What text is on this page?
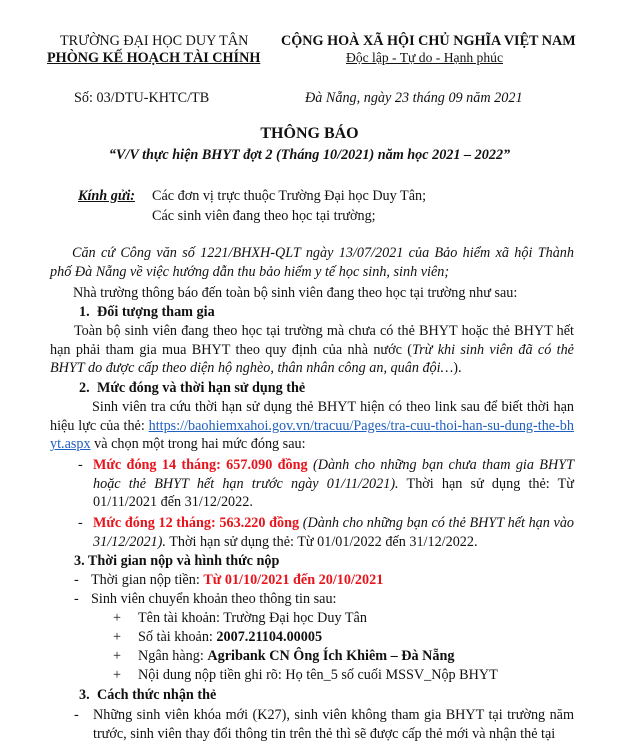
TRƯỜNG ĐẠI HỌC DUY TÂN
PHÒNG KẾ HOẠCH TÀI CHÍNH
CỘNG HOÀ XÃ HỘI CHỦ NGHĨA VIỆT NAM
Độc lập - Tự do - Hạnh phúc
Số: 03/DTU-KHTC/TB	Đà Nẵng, ngày 23 tháng 09 năm 2021
THÔNG BÁO
“V/V thực hiện BHYT đợt 2 (Tháng 10/2021) năm học 2021 – 2022”
Kính gửi: Các đơn vị trực thuộc Trường Đại học Duy Tân;
Các sinh viên đang theo học tại trường;
Căn cứ Công văn số 1221/BHXH-QLT ngày 13/07/2021 của Bảo hiểm xã hội Thành phố Đà Nẵng về việc hướng dẫn thu bảo hiểm y tế học sinh, sinh viên;
Nhà trường thông báo đến toàn bộ sinh viên đang theo học tại trường như sau:
1. Đối tượng tham gia
Toàn bộ sinh viên đang theo học tại trường mà chưa có thẻ BHYT hoặc thẻ BHYT hết hạn phải tham gia mua BHYT theo quy định của nhà nước (Trừ khi sinh viên đã có thẻ BHYT do được cấp theo diện hộ nghèo, thân nhân công an, quân đội…).
2. Mức đóng và thời hạn sử dụng thẻ
Sinh viên tra cứu thời hạn sử dụng thẻ BHYT hiện có theo link sau để biết thời hạn hiệu lực của thẻ: https://baohiemxahoi.gov.vn/tracuu/Pages/tra-cuu-thoi-han-su-dung-the-bhyt.aspx và chọn một trong hai mức đóng sau:
- Mức đóng 14 tháng: 657.090 đồng (Dành cho những bạn chưa tham gia BHYT hoặc thẻ BHYT hết hạn trước ngày 01/11/2021). Thời hạn sử dụng thẻ: Từ 01/11/2021 đến 31/12/2022.
- Mức đóng 12 tháng: 563.220 đồng (Dành cho những bạn có thẻ BHYT hết hạn vào 31/12/2021). Thời hạn sử dụng thẻ: Từ 01/01/2022 đến 31/12/2022.
3. Thời gian nộp và hình thức nộp
- Thời gian nộp tiền: Từ 01/10/2021 đến 20/10/2021
- Sinh viên chuyển khoản theo thông tin sau:
+ Tên tài khoản: Trường Đại học Duy Tân
+ Số tài khoản: 2007.21104.00005
+ Ngân hàng: Agribank CN Ông Ích Khiêm – Đà Nẵng
+ Nội dung nộp tiền ghi rõ: Họ tên_5 số cuối MSSV_Nộp BHYT
3. Cách thức nhận thẻ
- Những sinh viên khóa mới (K27), sinh viên không tham gia BHYT tại trường năm trước, sinh viên thay đổi thông tin trên thẻ thì sẽ được cấp thẻ mới và nhận thẻ tại
